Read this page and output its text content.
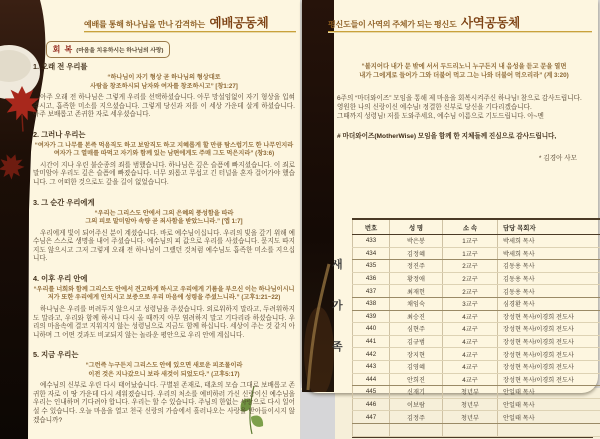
예배를 통해 하나님을 만나 감격하는 예배공동체	평신도들이 사역의 주체가 되는 평신도 사역공동체
회 복 (마음을 치유하시는 하나님의 사랑)
1. 오래 전 우리를
“하나님이 자기 형상 곧 하나님의 형상대로
사람을 창조하시되 남자와 여자를 창조하시고” [창1:27]
아주 오래 전 하나님은 그렇게 우리를 선택하셨습니다. 아무 망설임없이 자기 형상을 입혀주시고, 흡족한 미소를 지으셨습니다. 그렇게 당신과 저를 이 세상 가운데 살게 하셨습니다. 아주 보배롭고 존귀한 자로 세우셨습니다.
2. 그러나 우리는
“여자가 그 나무를 본즉 먹음직도 하고 보암직도 하고 지혜롭게 할 만큼 탐스럽기도 한 나무인지라
여자가 그 열매를 따먹고 자기와 함께 있는 남편에게도 주매 그도 먹은지라” (창3:6)
시간이 지나 우린 불순종의 죄를 범했습니다. 하나님은 깊은 슬픔에 빠지셨습니다. 이 죄로 말미암아 우리도 깊은 슬픔에 빠졌습니다. 너무 외롭고 무섭고 긴 터널을 혼자 걸어가야 했습니다. 그 어떠한 것으로도 갚을 길이 없었습니다.
3. 그 순간 우리에게
“우리는 그리스도 안에서 그의 은혜의 풍성함을 따라
그의 피로 말미암아 속량 곧 죄사함을 받았느니라.” [엡 1:7]
우리에게 빛이 되어주신 분이 계셨습니다. 바로 예수님이십니다. 우리의 빚을 갚기 위해 예수님은 스스로 생명을 내어 주셨습니다. 예수님의 피 값으로 우리를 사셨습니다. 묻지도 따지지도 않으시고 그저 그렇게 오래 전 하나님이 그랬던 것처럼 예수님도 흡족한 미소를 지으십니다.
4. 이후 우리 안에
“우리를 너희와 함께 그리스도 안에서 견고하게 하시고 우리에게 기름을 부으신 이는 하나님이시니
저가 또한 우리에게 인치시고 보증으로 우리 마음에 성령을 주셨느니라.” (고후1:21~22)
하나님은 우리를 버려두지 않으시고 성령님을 주셨습니다. 외로워하지 말라고, 두려워하지도 말라고, 우리와 함께 하시니 다시 올 때까지 아무 염려하지 말고 기다리라 하셨습니다. 우리의 마음속에 결코 지워지지 않는 성령님으로 지금도 함께 하십니다. 세상이 주는 것 같지 아니하며 그 어떤 것과도 비교되지 않는 놀라운 평안으로 우리 안에 계십니다.
5. 지금 우리는
“그런즉 누구든지 그리스도 안에 있으면 새로운 피조물이라
이전 것은 지나갔으니 보라 새것이 되었도다.” (고후5:17)
예수님의 신부로 우린 다시 태어났습니다. 구별된 존재로, 태초의 모습 그대로 보배롭고 존귀한 자로 이 땅 가운데 다시 세워졌습니다. 우리의 처소를 예비하러 가신 신랑이신 예수님을 우리는 인내하며 기다려야 합니다. 우리는 할 수 있습니다. 주님의 한없는 사랑으로 다시 일어설 수 있습니다. 오늘 마음을 열고 천국 신랑의 가슴에서 흘러나오는 사랑을 받아들이시지 않겠습니까?
“볼지어다 내가 문 밖에 서서 두드리노니 누구든지 내 음성을 듣고 문을 열면
내가 그에게로 들어가 그와 더불어 먹고 그는 나와 더불어 먹으리라” (계 3:20)
6주의 “마더와이즈” 모임을 통해 제 마음을 회복시켜주신 하나님! 참으로 감사드립니다.
영원한 나의 신랑이신 예수님! 정결한 신부로 당신을 기다리겠습니다.
그때까지 성령님! 저를 도와주세요, 예수님 이름으로 기도드립니다. 아~멘
# 마더와이즈(MotherWise) 모임을 함께 한 지체들께 진심으로 감사드립니다,
* 김경아 사모
새
가
족
번호	성 명	소 속	담당 목회자
433	박은봉	1교구	박세희 목사
434	김정혜	1교구	박세희 목사
435	정진주	2교구	김동용 목사
436	황정애	2교구	김동용 목사
437	최재헌	2교구	김동용 목사
438	채임숙	3교구	심경환 목사
439	최승진	4교구	장성현 목사/이경희 전도사
440	심현주	4교구	장성현 목사/이경희 전도사
441	김규범	4교구	장성현 목사/이경희 전도사
442	장지현	4교구	장성현 목사/이경희 전도사
443	김영혜	4교구	장성현 목사/이경희 전도사
444	안희진	4교구	장성현 목사/이경희 전도사
445	신재기	청년부	안일태 목사
446	이보람	청년부	안일태 목사
447	김정주	청년부	안일태 목사
